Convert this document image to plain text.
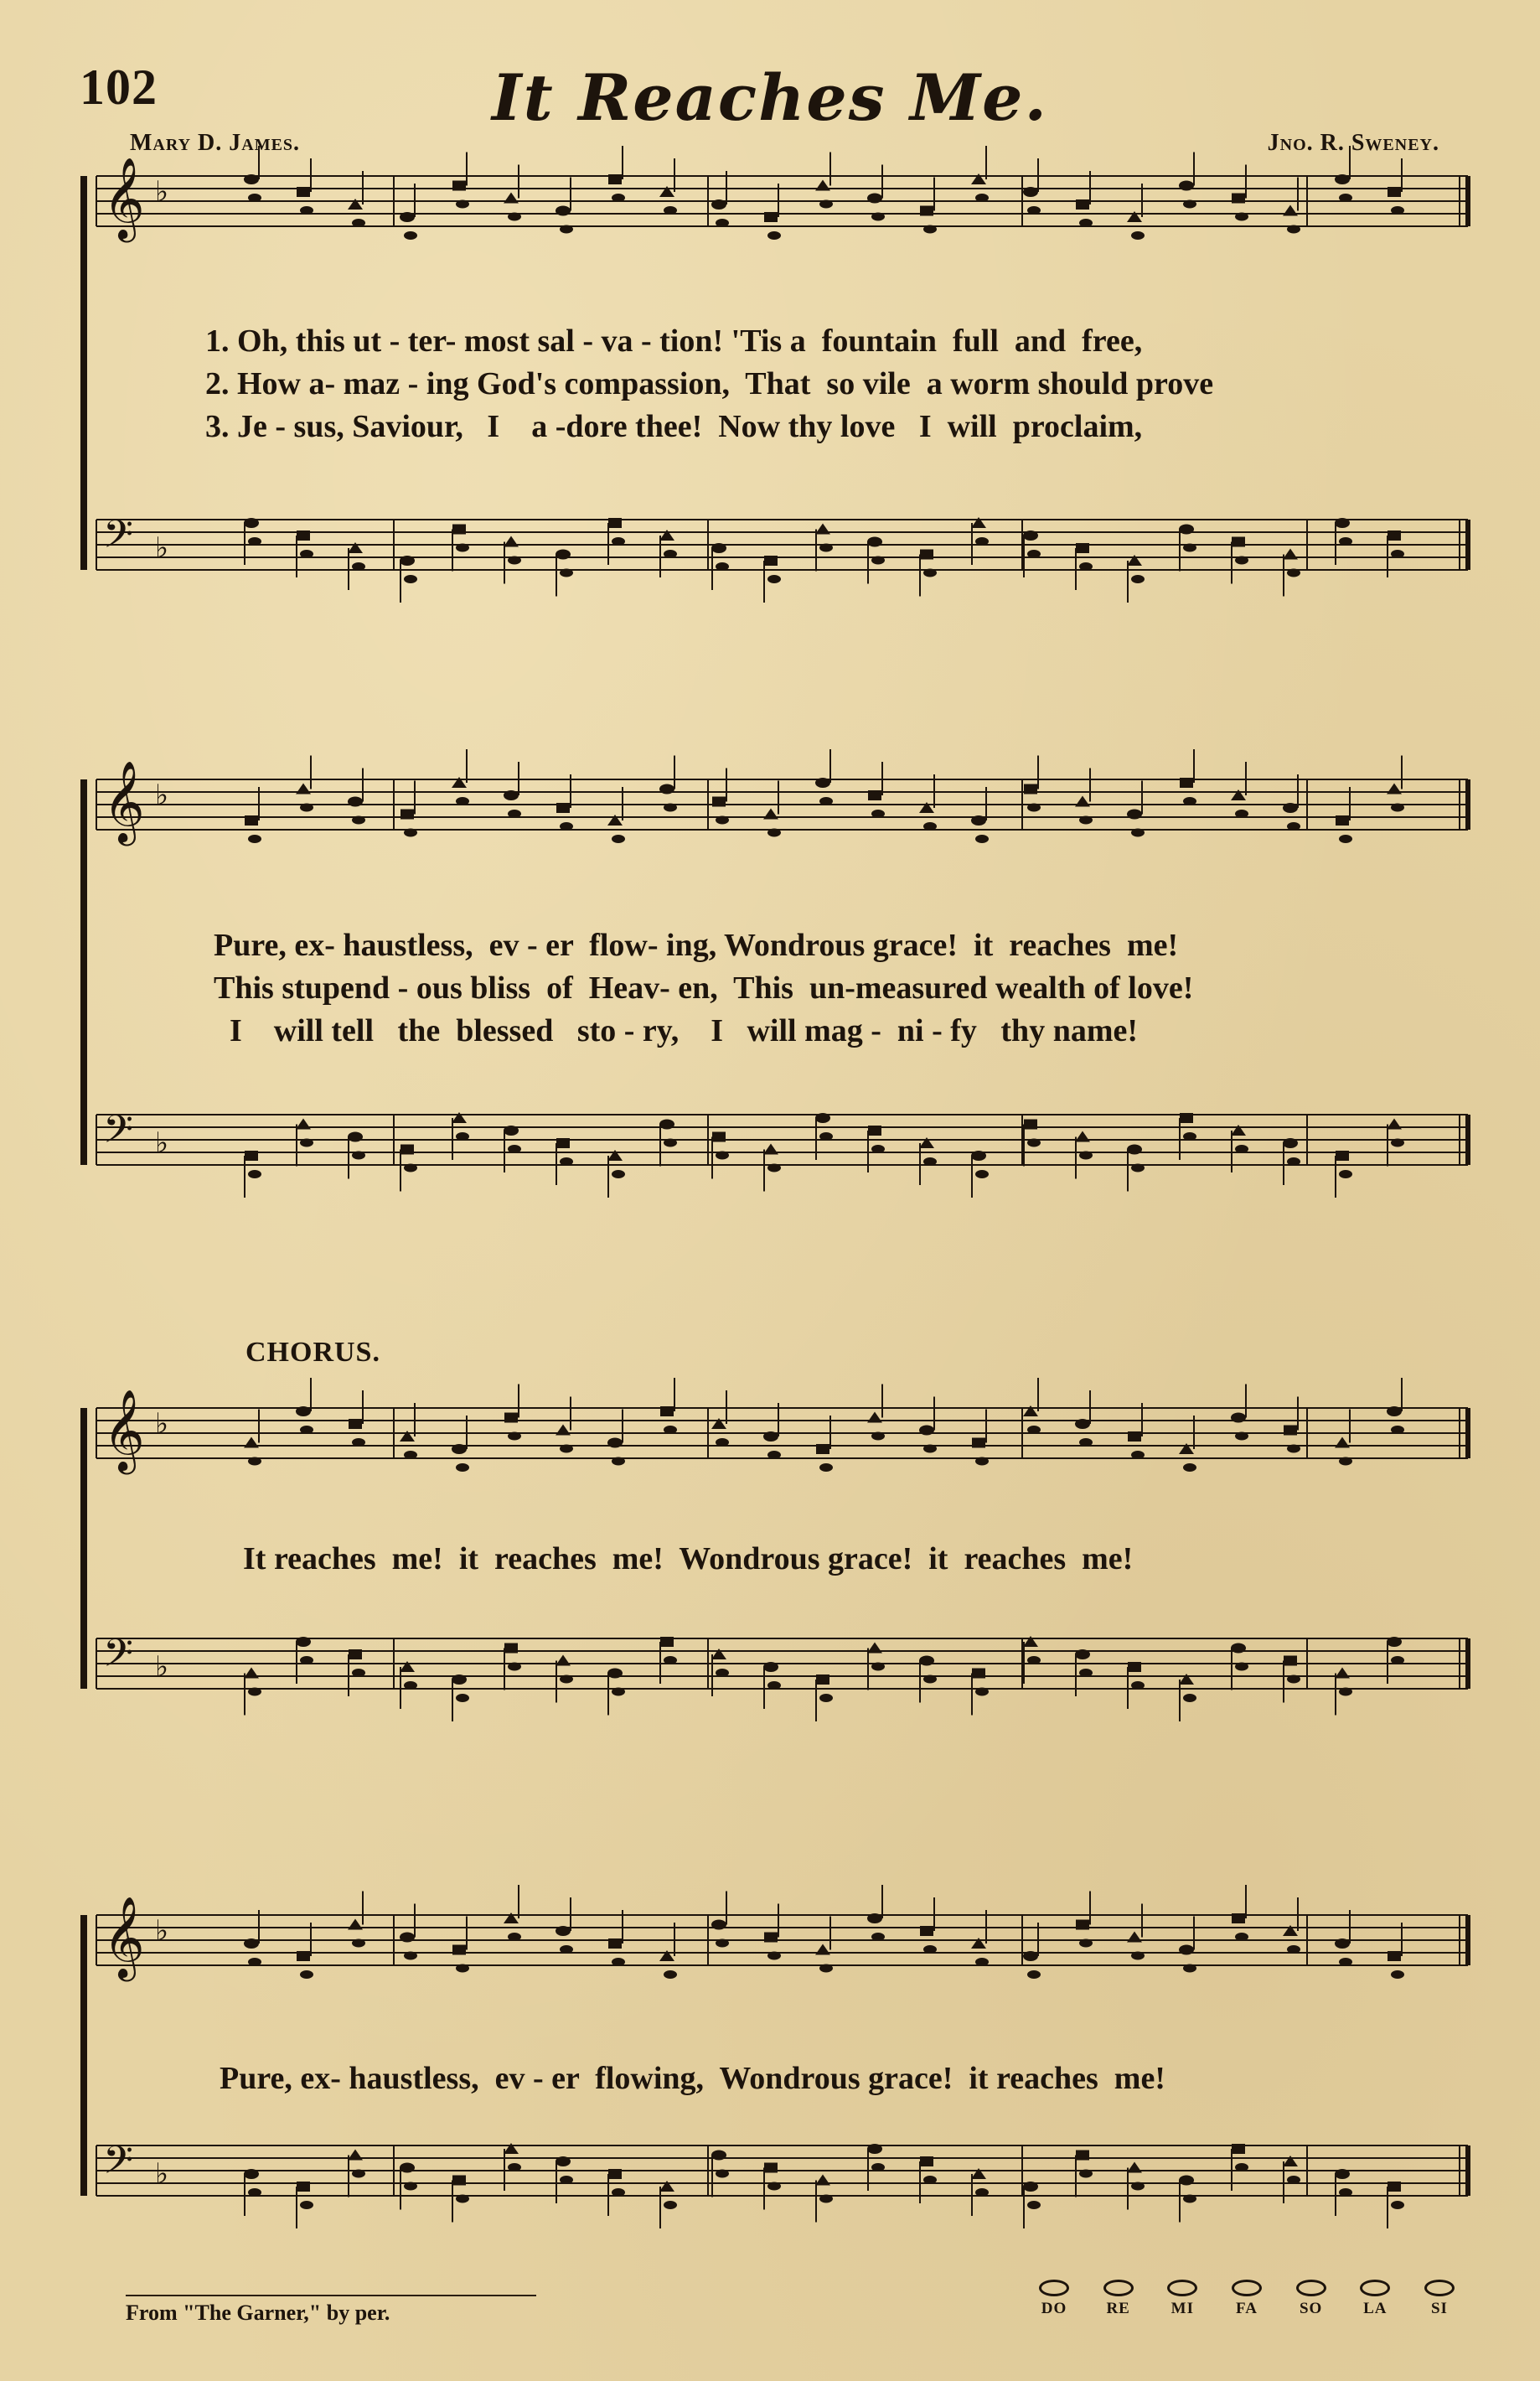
102	It Reaches Me.
Mary D. James.	Jno. R. Sweney.
𝄞 ♭
𝄢 ♭
1. Oh, this ut - ter- most sal - va - tion! 'Tis a  fountain  full  and  free,
2. How a- maz - ing God's compassion,  That  so vile  a worm should prove
3. Je - sus, Saviour,   I    a -dore thee!  Now thy love   I  will  proclaim,
𝄞 ♭
𝄢 ♭
Pure, ex- haustless,  ev - er  flow- ing, Wondrous grace!  it  reaches  me!
This stupend - ous bliss  of  Heav- en,  This  un-measured wealth of love!
I    will tell   the  blessed   sto - ry,    I   will mag -  ni - fy   thy name!
CHORUS.
𝄞 ♭
𝄢 ♭
It reaches  me!  it  reaches  me!  Wondrous grace!  it  reaches  me!
𝄞 ♭
𝄢 ♭
Pure, ex- haustless,  ev - er  flowing,  Wondrous grace!  it reaches  me!
From "The Garner," by per.	DO RE	MI	FA	SO	LA	SI
